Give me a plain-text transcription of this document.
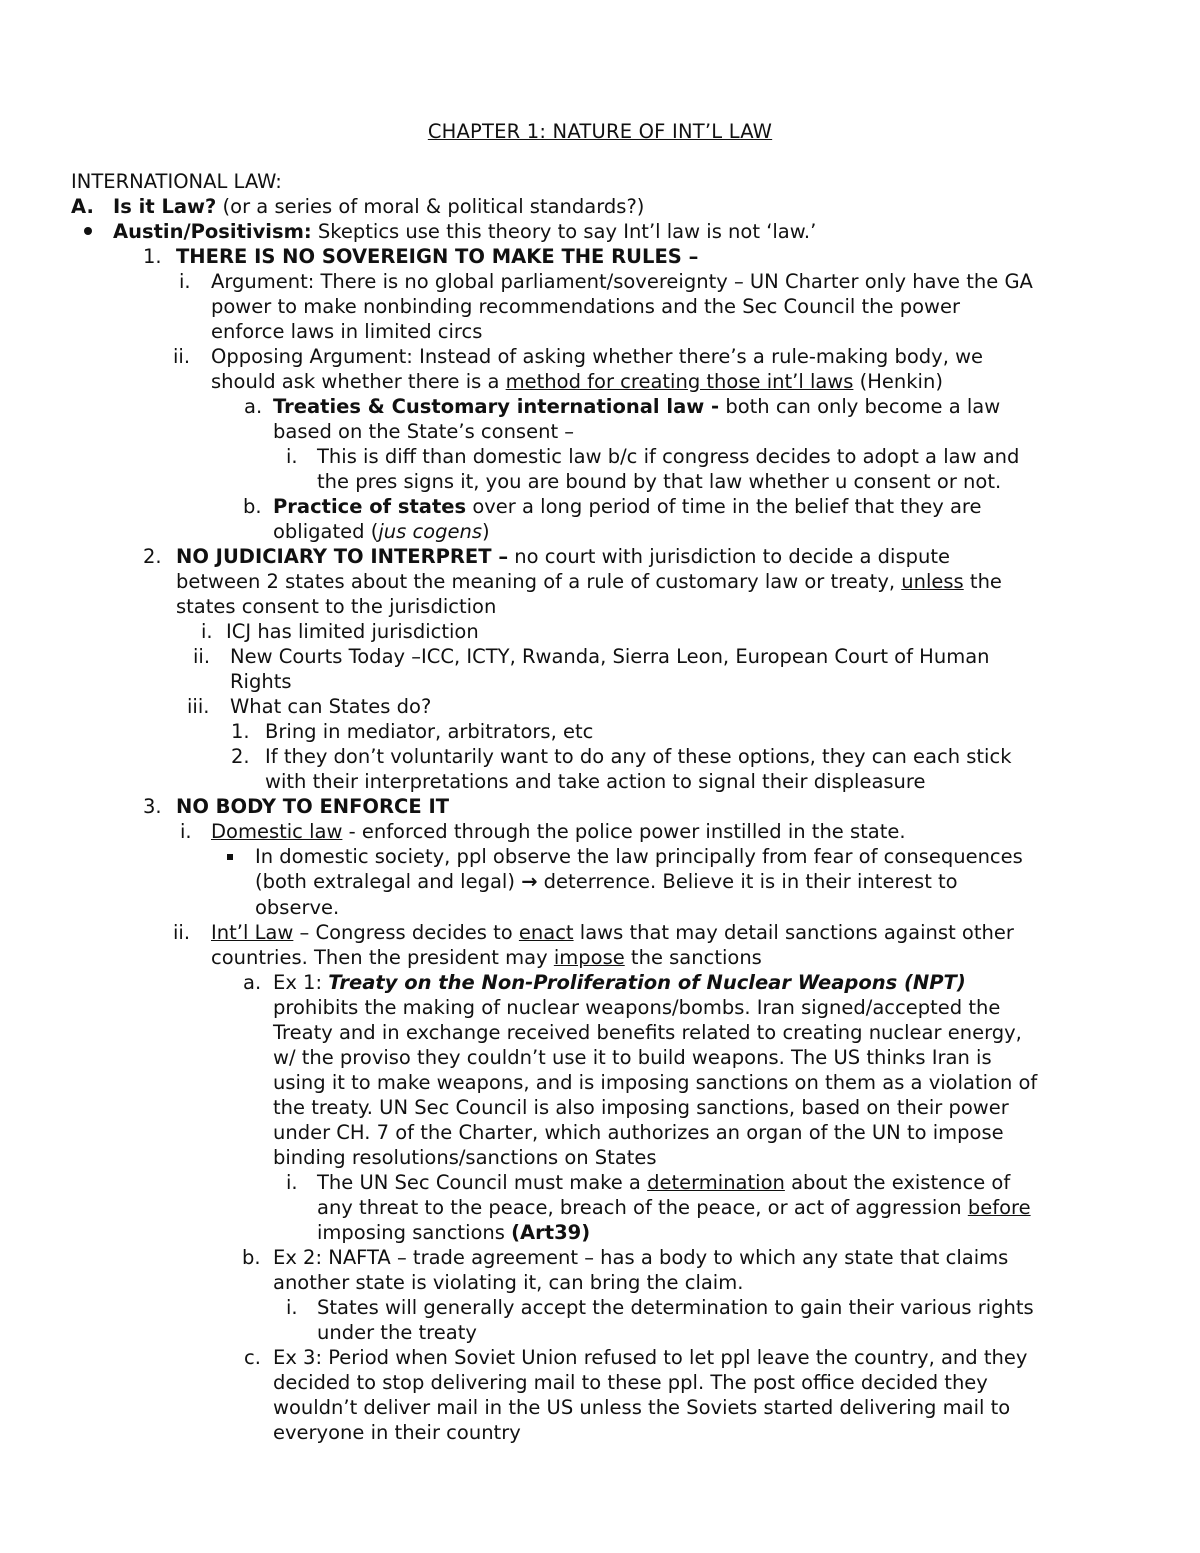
CHAPTER 1: NATURE OF INT’L LAW
INTERNATIONAL LAW:
A. Is it Law? (or a series of moral & political standards?)
Austin/Positivism: Skeptics use this theory to say Int’l law is not ‘law.’
1. THERE IS NO SOVEREIGN TO MAKE THE RULES –
i. Argument: There is no global parliament/sovereignty – UN Charter only have the GA
power to make nonbinding recommendations and the Sec Council the power
enforce laws in limited circs
ii. Opposing Argument: Instead of asking whether there’s a rule-making body, we
should ask whether there is a method for creating those int’l laws (Henkin)
a. Treaties & Customary international law - both can only become a law
based on the State’s consent –
i. This is diff than domestic law b/c if congress decides to adopt a law and
the pres signs it, you are bound by that law whether u consent or not.
b. Practice of states over a long period of time in the belief that they are
obligated (jus cogens)
2. NO JUDICIARY TO INTERPRET – no court with jurisdiction to decide a dispute
between 2 states about the meaning of a rule of customary law or treaty, unless the
states consent to the jurisdiction
i. ICJ has limited jurisdiction
ii. New Courts Today –ICC, ICTY, Rwanda, Sierra Leon, European Court of Human
Rights
iii. What can States do?
1. Bring in mediator, arbitrators, etc
2. If they don’t voluntarily want to do any of these options, they can each stick
with their interpretations and take action to signal their displeasure
3. NO BODY TO ENFORCE IT
i. Domestic law - enforced through the police power instilled in the state.
In domestic society, ppl observe the law principally from fear of consequences
(both extralegal and legal) → deterrence. Believe it is in their interest to
observe.
ii. Int’l Law – Congress decides to enact laws that may detail sanctions against other
countries. Then the president may impose the sanctions
a. Ex 1: Treaty on the Non-Proliferation of Nuclear Weapons (NPT)
prohibits the making of nuclear weapons/bombs. Iran signed/accepted the
Treaty and in exchange received benefits related to creating nuclear energy,
w/ the proviso they couldn’t use it to build weapons. The US thinks Iran is
using it to make weapons, and is imposing sanctions on them as a violation of
the treaty. UN Sec Council is also imposing sanctions, based on their power
under CH. 7 of the Charter, which authorizes an organ of the UN to impose
binding resolutions/sanctions on States
i. The UN Sec Council must make a determination about the existence of
any threat to the peace, breach of the peace, or act of aggression before
imposing sanctions (Art39)
b. Ex 2: NAFTA – trade agreement – has a body to which any state that claims
another state is violating it, can bring the claim.
i. States will generally accept the determination to gain their various rights
under the treaty
c. Ex 3: Period when Soviet Union refused to let ppl leave the country, and they
decided to stop delivering mail to these ppl. The post office decided they
wouldn’t deliver mail in the US unless the Soviets started delivering mail to
everyone in their country
